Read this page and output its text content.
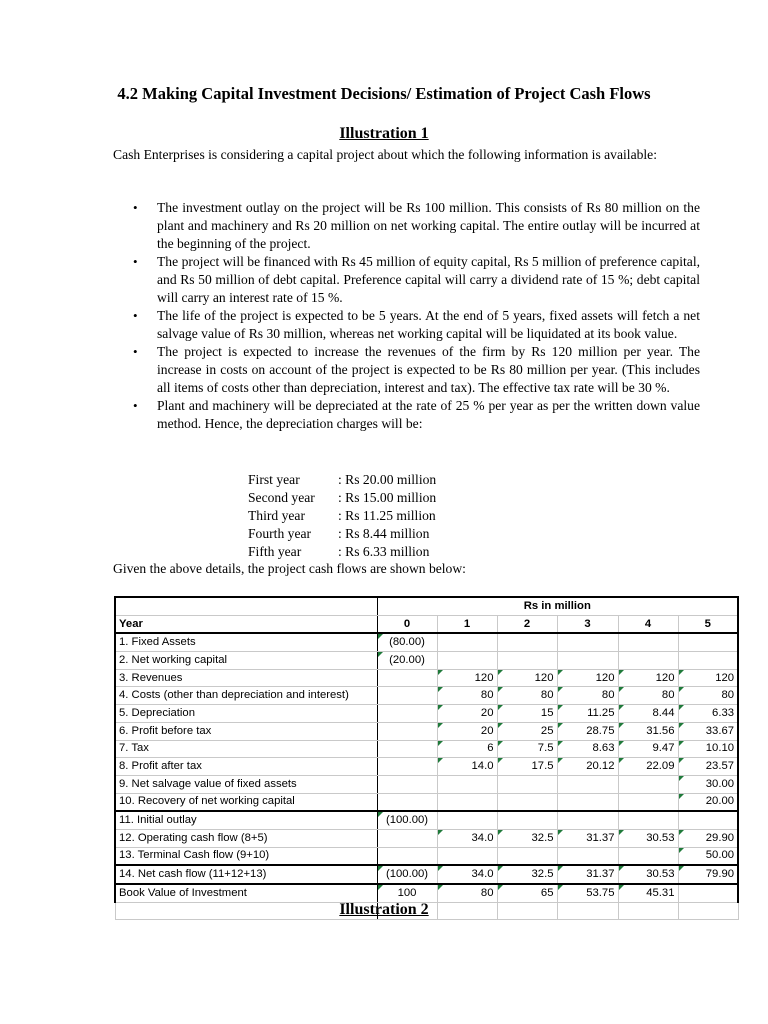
4.2 Making Capital Investment Decisions/ Estimation of Project Cash Flows
Illustration 1
Cash Enterprises is considering a capital project about which the following information is available:
•	The investment outlay on the project will be Rs 100 million. This consists of Rs 80 million on the plant and machinery and Rs 20 million on net working capital. The entire outlay will be incurred at the beginning of the project.
•	The project will be financed with Rs 45 million of equity capital, Rs 5 million of preference capital, and Rs 50 million of debt capital. Preference capital will carry a dividend rate of 15 %; debt capital will carry an interest rate of 15 %.
•	The life of the project is expected to be 5 years. At the end of 5 years, fixed assets will fetch a net salvage value of Rs 30 million, whereas net working capital will be liquidated at its book value.
•	The project is expected to increase the revenues of the firm by Rs 120 million per year. The increase in costs on account of the project is expected to be Rs 80 million per year. (This includes all items of costs other than depreciation, interest and tax). The effective tax rate will be 30 %.
•	Plant and machinery will be depreciated at the rate of 25 % per year as per the written down value method. Hence, the depreciation charges will be:
First year	: Rs 20.00 million
Second year	: Rs 15.00 million
Third year	: Rs 11.25 million
Fourth year	: Rs 8.44 million
Fifth year	: Rs 6.33 million
Given the above details, the project cash flows are shown below:
	Rs in million					
Year	0	1	2	3	4	5
1. Fixed Assets	(80.00)					
2. Net working capital	(20.00)					
3. Revenues		120	120	120	120	120
4. Costs (other than depreciation and interest)		80	80	80	80	80
5. Depreciation		20	15	11.25	8.44	6.33
6. Profit before tax		20	25	28.75	31.56	33.67
7. Tax		6	7.5	8.63	9.47	10.10
8. Profit after tax		14.0	17.5	20.12	22.09	23.57
9. Net salvage value of fixed assets						30.00
10. Recovery of net working capital						20.00
11. Initial outlay	(100.00)					
12. Operating cash flow (8+5)		34.0	32.5	31.37	30.53	29.90
13. Terminal Cash flow (9+10)						50.00
14. Net cash flow (11+12+13)	(100.00)	34.0	32.5	31.37	30.53	79.90
Book Value of Investment	100	80	65	53.75	45.31	

Illustration 2
